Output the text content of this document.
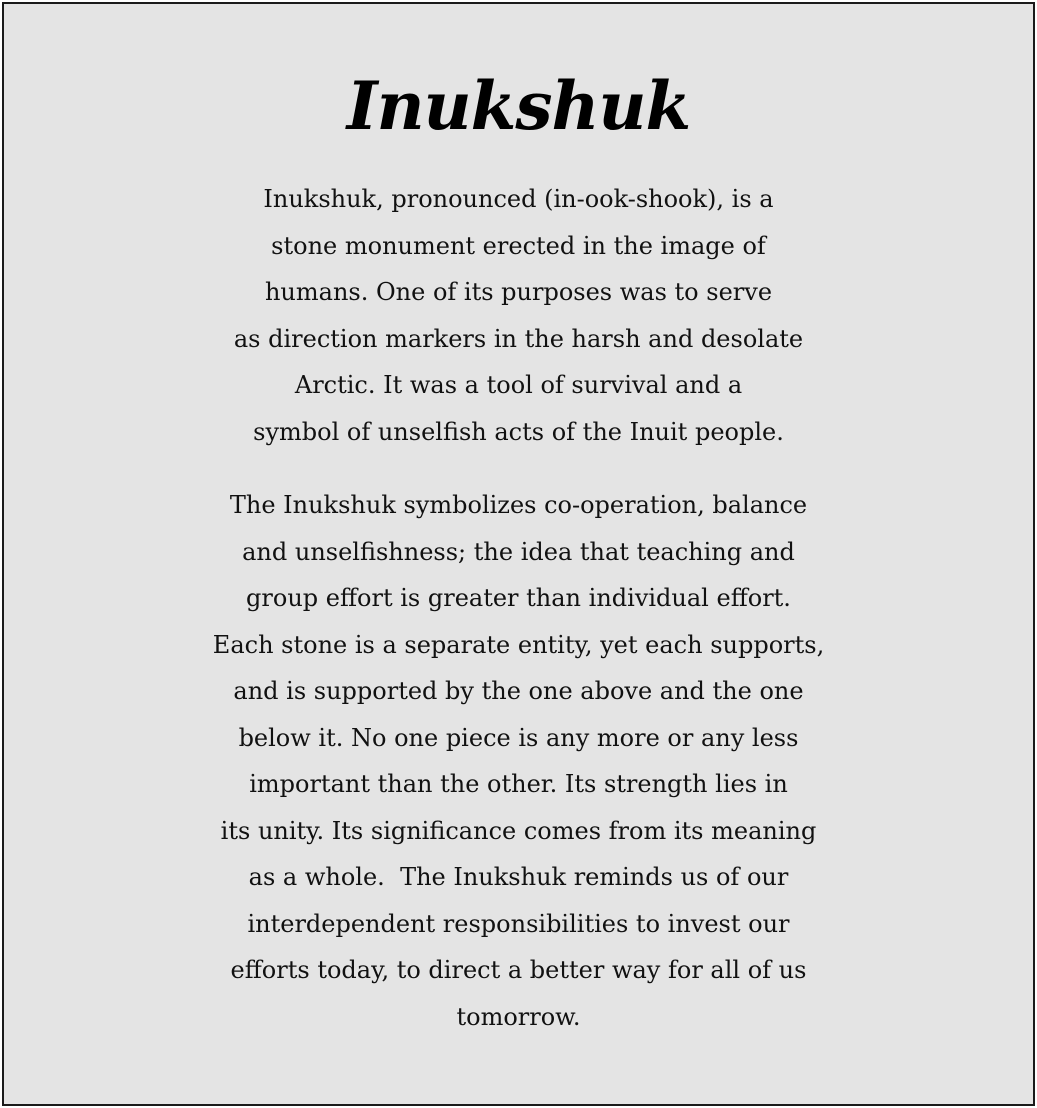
Inukshuk

Inukshuk, pronounced (in-ook-shook), is a
stone monument erected in the image of
humans. One of its purposes was to serve
as direction markers in the harsh and desolate
Arctic. It was a tool of survival and a
symbol of unselfish acts of the Inuit people.

The Inukshuk symbolizes co-operation, balance
and unselfishness; the idea that teaching and
group effort is greater than individual effort.
Each stone is a separate entity, yet each supports,
and is supported by the one above and the one
below it. No one piece is any more or any less
important than the other. Its strength lies in
its unity. Its significance comes from its meaning
as a whole.  The Inukshuk reminds us of our
interdependent responsibilities to invest our
efforts today, to direct a better way for all of us
tomorrow.
